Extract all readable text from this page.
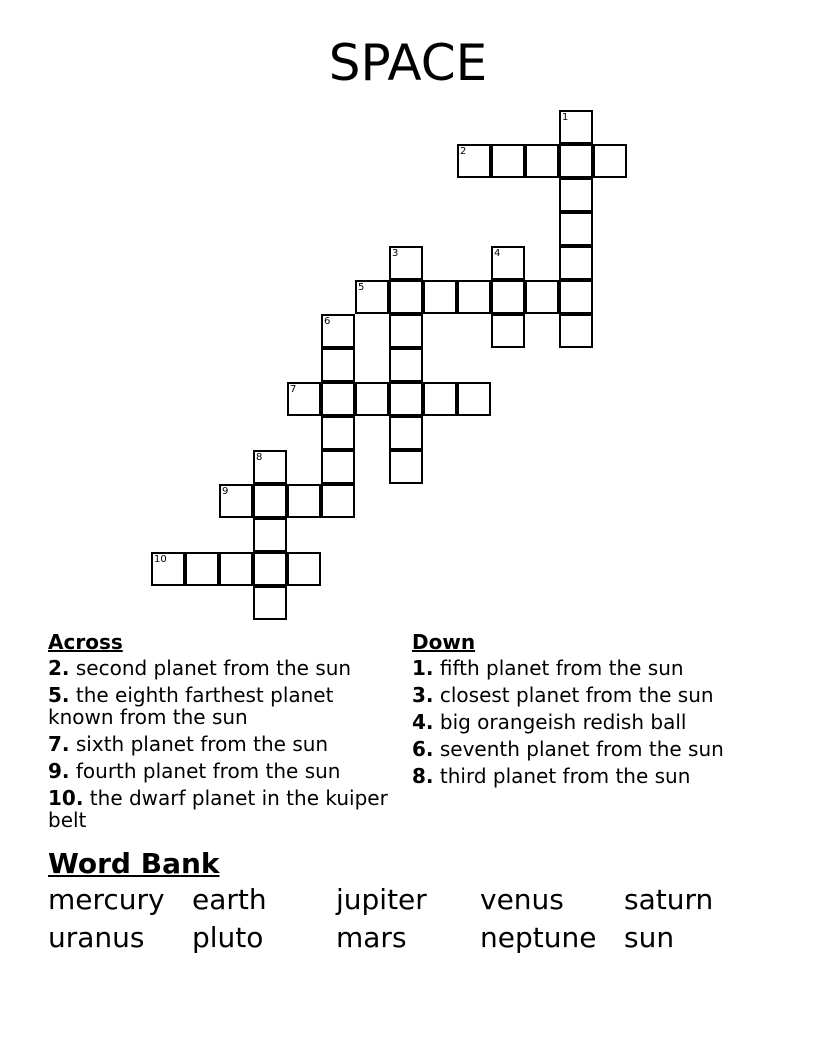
SPACE
1
2
3	4
5
6
7
8
9
10
Across
2. second planet from the sun
5. the eighth farthest planet known from the sun
7. sixth planet from the sun
9. fourth planet from the sun
10. the dwarf planet in the kuiper belt
Down
1. fifth planet from the sun
3. closest planet from the sun
4. big orangeish redish ball
6. seventh planet from the sun
8. third planet from the sun
Word Bank
mercury earth jupiter venus saturn
uranus pluto	mars	neptune sun
